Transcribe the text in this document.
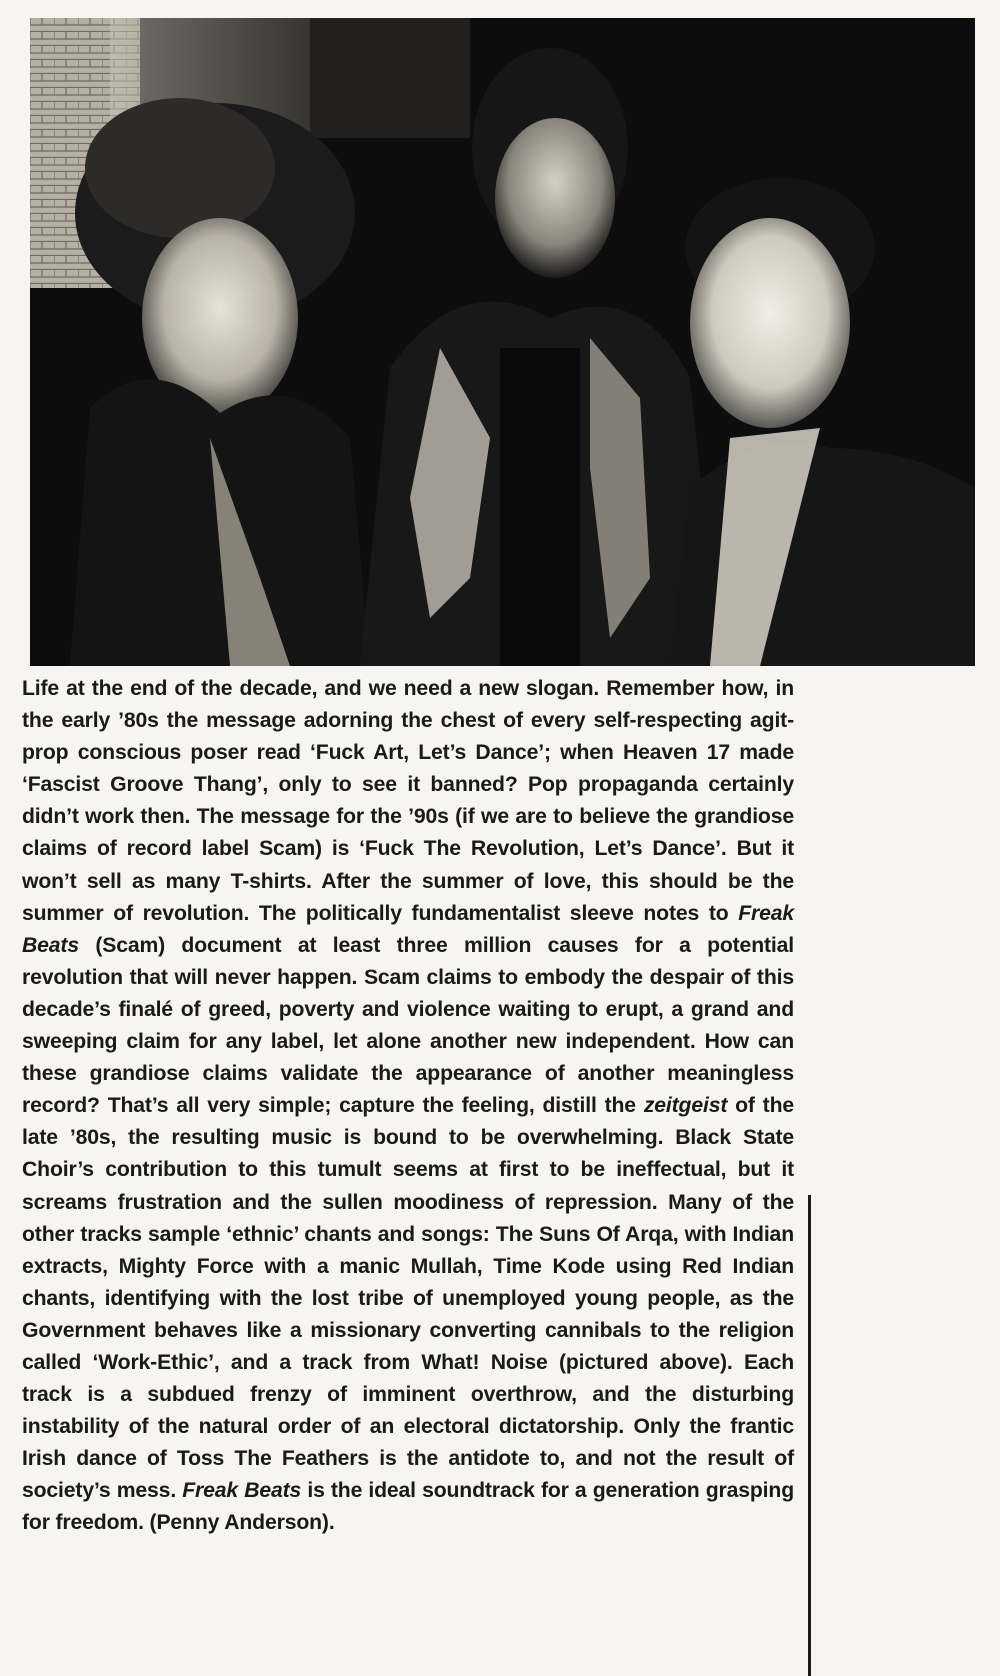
Life at the end of the decade, and we need a new slogan. Remember how, in the early ’80s the message adorning the chest of every self-respecting agit-prop conscious poser read ‘Fuck Art, Let’s Dance’; when Heaven 17 made ‘Fascist Groove Thang’, only to see it banned? Pop propaganda certainly didn’t work then. The message for the ’90s (if we are to believe the grandiose claims of record label Scam) is ‘Fuck The Revolution, Let’s Dance’. But it won’t sell as many T-shirts. After the summer of love, this should be the summer of revolution. The politically fundamentalist sleeve notes to Freak Beats (Scam) document at least three million causes for a potential revolution that will never happen. Scam claims to embody the despair of this decade’s finalé of greed, poverty and violence waiting to erupt, a grand and sweeping claim for any label, let alone another new independent. How can these grandiose claims validate the appearance of another meaningless record? That’s all very simple; capture the feeling, distill the zeitgeist of the late ’80s, the resulting music is bound to be overwhelming. Black State Choir’s contribution to this tumult seems at first to be ineffectual, but it screams frustration and the sullen moodiness of repression. Many of the other tracks sample ‘ethnic’ chants and songs: The Suns Of Arqa, with Indian extracts, Mighty Force with a manic Mullah, Time Kode using Red Indian chants, identifying with the lost tribe of unemployed young people, as the Government behaves like a missionary converting cannibals to the religion called ‘Work-Ethic’, and a track from What! Noise (pictured above). Each track is a subdued frenzy of imminent overthrow, and the disturbing instability of the natural order of an electoral dictatorship. Only the frantic Irish dance of Toss The Feathers is the antidote to, and not the result of society’s mess. Freak Beats is the ideal soundtrack for a generation grasping for freedom. (Penny Anderson).
